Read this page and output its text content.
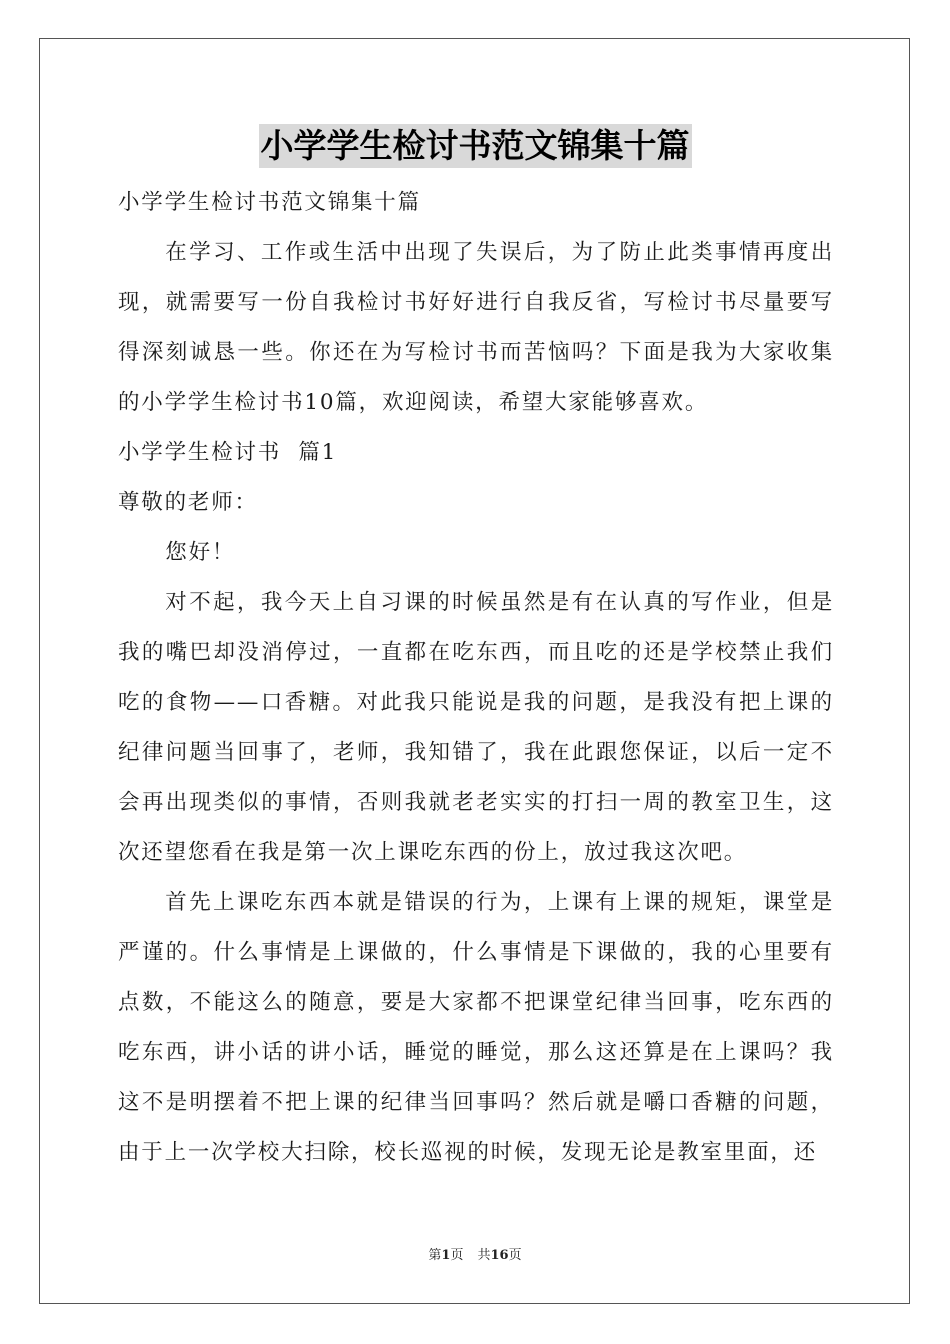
小学学生检讨书范文锦集十篇

小学学生检讨书范文锦集十篇

在学习、工作或生活中出现了失误后，为了防止此类事情再度出现，就需要写一份自我检讨书好好进行自我反省，写检讨书尽量要写得深刻诚恳一些。你还在为写检讨书而苦恼吗？下面是我为大家收集的小学学生检讨书10篇，欢迎阅读，希望大家能够喜欢。

小学学生检讨书  篇1

尊敬的老师：

您好！

对不起，我今天上自习课的时候虽然是有在认真的写作业，但是我的嘴巴却没消停过，一直都在吃东西，而且吃的还是学校禁止我们吃的食物——口香糖。对此我只能说是我的问题，是我没有把上课的纪律问题当回事了，老师，我知错了，我在此跟您保证，以后一定不会再出现类似的事情，否则我就老老实实的打扫一周的教室卫生，这次还望您看在我是第一次上课吃东西的份上，放过我这次吧。

首先上课吃东西本就是错误的行为，上课有上课的规矩，课堂是严谨的。什么事情是上课做的，什么事情是下课做的，我的心里要有点数，不能这么的随意，要是大家都不把课堂纪律当回事，吃东西的吃东西，讲小话的讲小话，睡觉的睡觉，那么这还算是在上课吗？我这不是明摆着不把上课的纪律当回事吗？然后就是嚼口香糖的问题，由于上一次学校大扫除，校长巡视的时候，发现无论是教室里面，还

第1页 共16页
